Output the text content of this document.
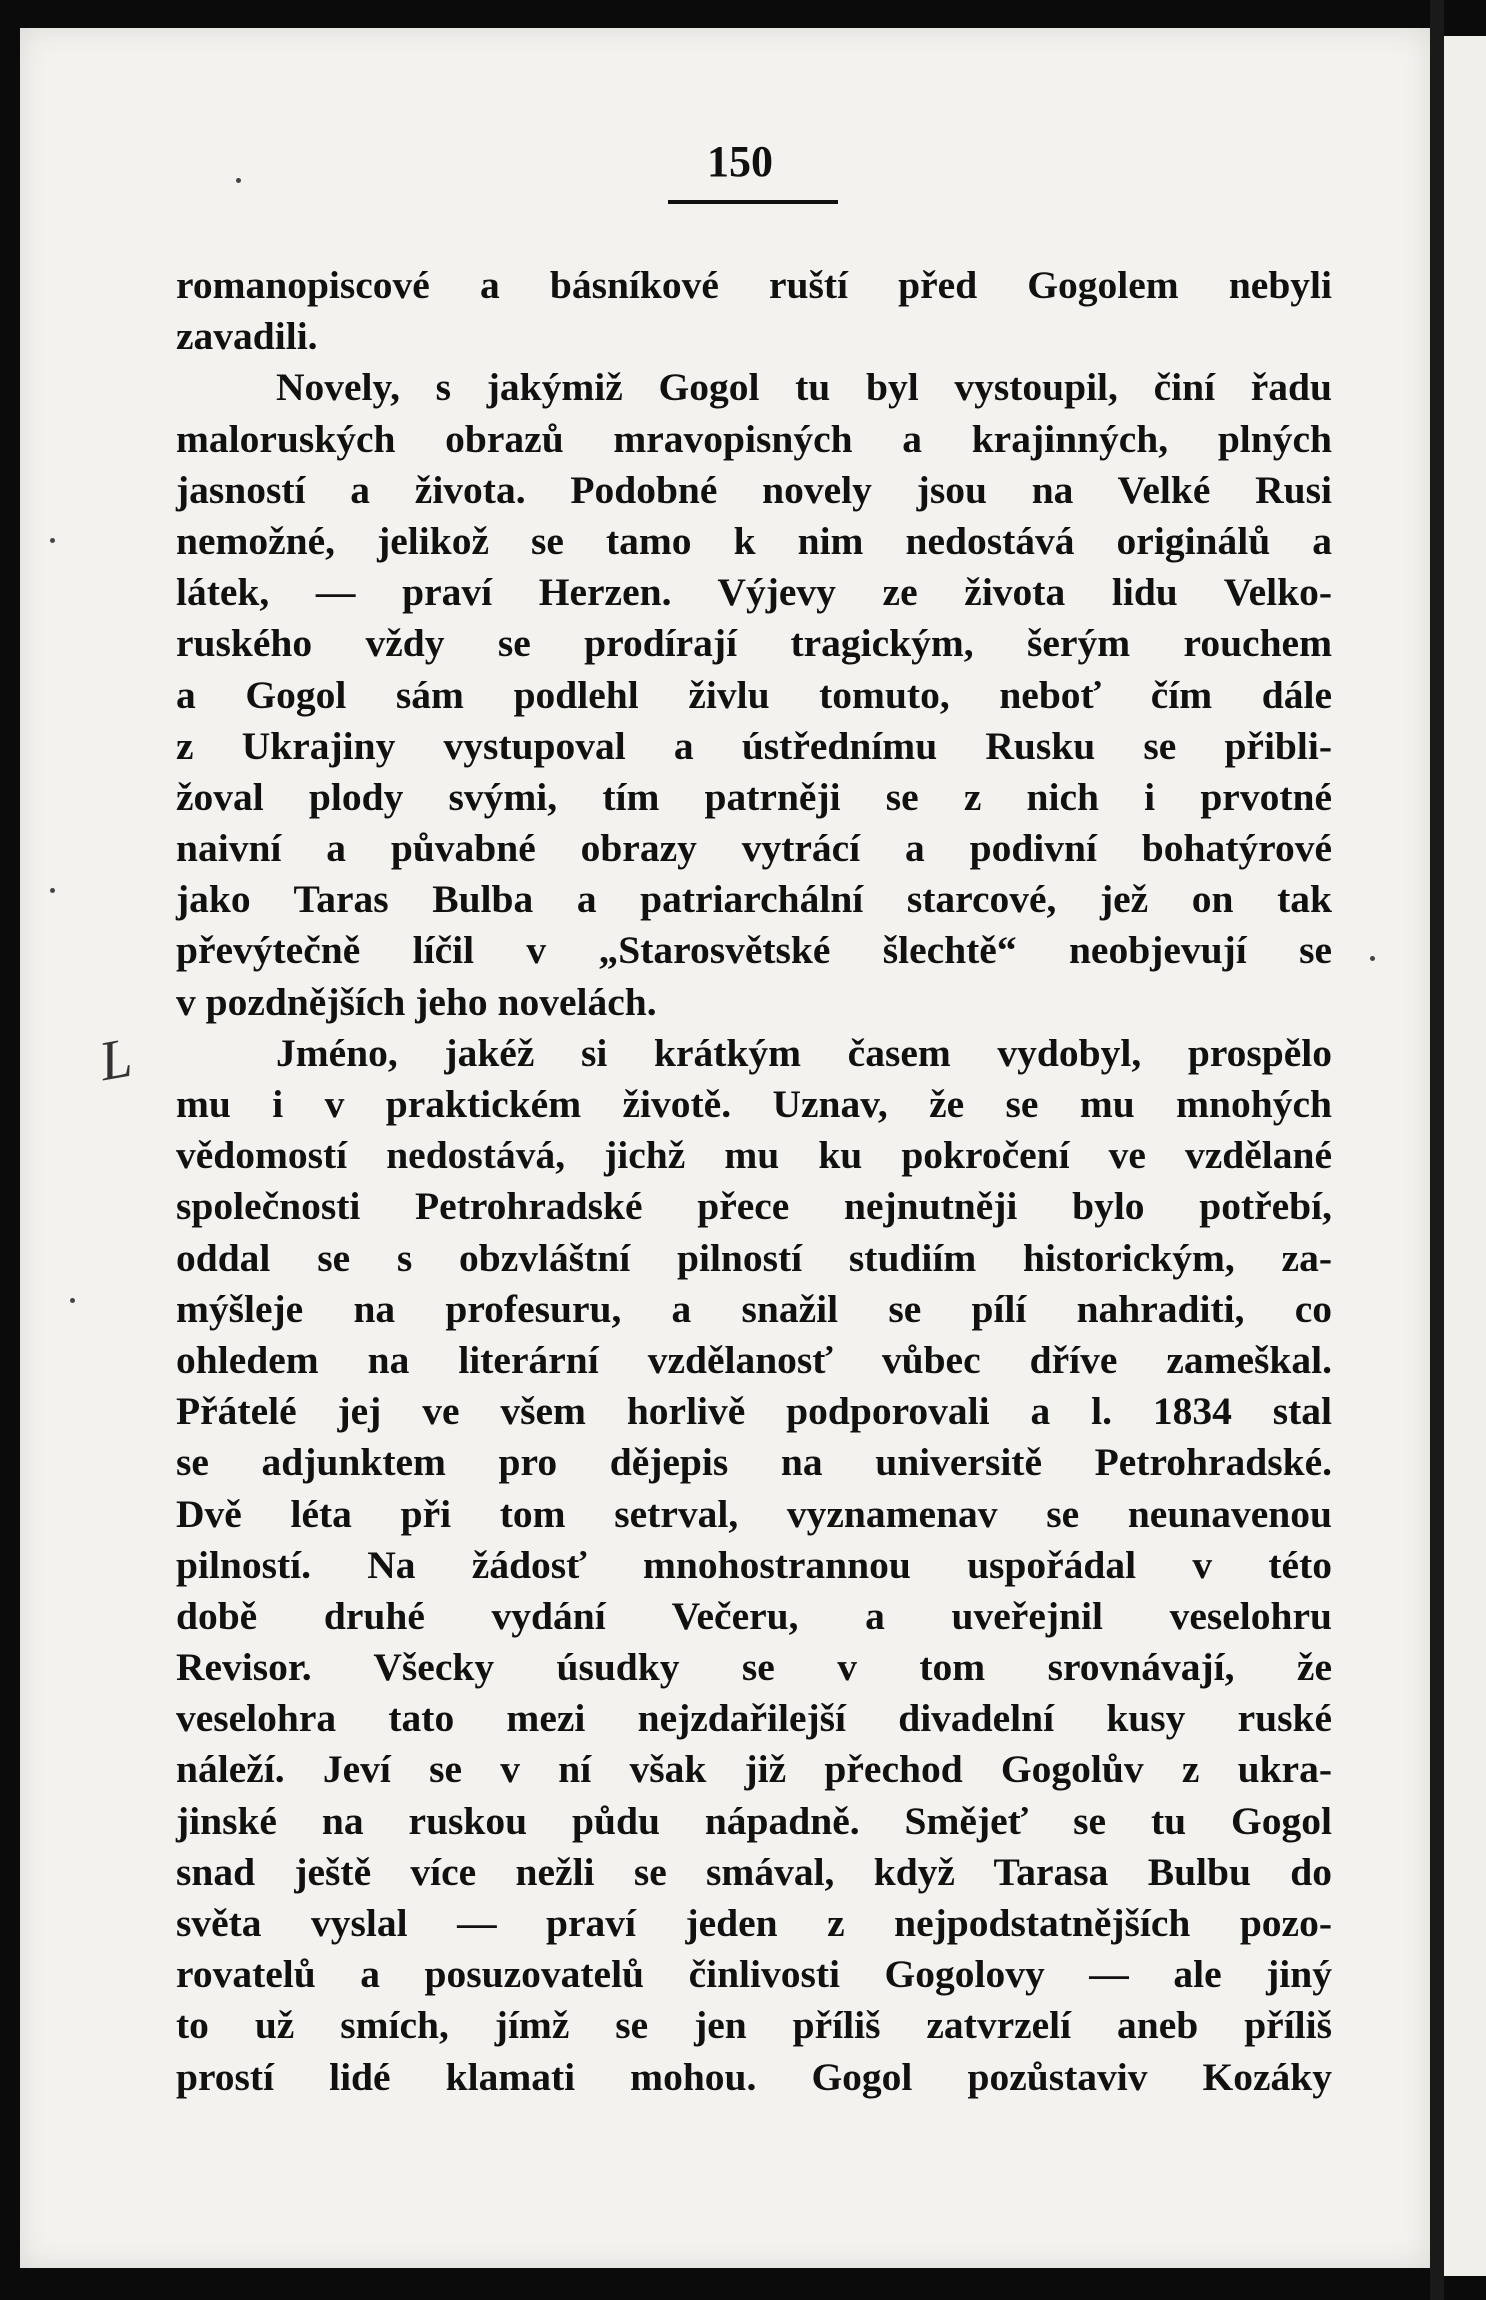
150
L
romanopiscové a básníkové ruští před Gogolem nebyli
zavadili.
Novely, s jakýmiž Gogol tu byl vystoupil, činí řadu
maloruských obrazů mravopisných a krajinných, plných
jasností a života. Podobné novely jsou na Velké Rusi
nemožné, jelikož se tamo k nim nedostává originálů a
látek, — praví Herzen. Výjevy ze života lidu Velko-
ruského vždy se prodírají tragickým, šerým rouchem
a Gogol sám podlehl živlu tomuto, neboť čím dále
z Ukrajiny vystupoval a ústřednímu Rusku se přibli-
žoval plody svými, tím patrněji se z nich i prvotné
naivní a půvabné obrazy vytrácí a podivní bohatýrové
jako Taras Bulba a patriarchální starcové, jež on tak
převýtečně líčil v „Starosvětské šlechtě“ neobjevují se
v pozdnějších jeho novelách.
Jméno, jakéž si krátkým časem vydobyl, prospělo
mu i v praktickém životě. Uznav, že se mu mnohých
vědomostí nedostává, jichž mu ku pokročení ve vzdělané
společnosti Petrohradské přece nejnutněji bylo potřebí,
oddal se s obzvláštní pilností studiím historickým, za-
mýšleje na profesuru, a snažil se pílí nahraditi, co
ohledem na literární vzdělanosť vůbec dříve zameškal.
Přátelé jej ve všem horlivě podporovali a l. 1834 stal
se adjunktem pro dějepis na universitě Petrohradské.
Dvě léta při tom setrval, vyznamenav se neunavenou
pilností. Na žádosť mnohostrannou uspořádal v této
době druhé vydání Večeru, a uveřejnil veselohru
Revisor. Všecky úsudky se v tom srovnávají, že
veselohra tato mezi nejzdařilejší divadelní kusy ruské
náleží. Jeví se v ní však již přechod Gogolův z ukra-
jinské na ruskou půdu nápadně. Smějeť se tu Gogol
snad ještě více nežli se smával, když Tarasa Bulbu do
světa vyslal — praví jeden z nejpodstatnějších pozo-
rovatelů a posuzovatelů činlivosti Gogolovy — ale jiný
to už smích, jímž se jen příliš zatvrzelí aneb příliš
prostí lidé klamati mohou. Gogol pozůstaviv Kozáky
